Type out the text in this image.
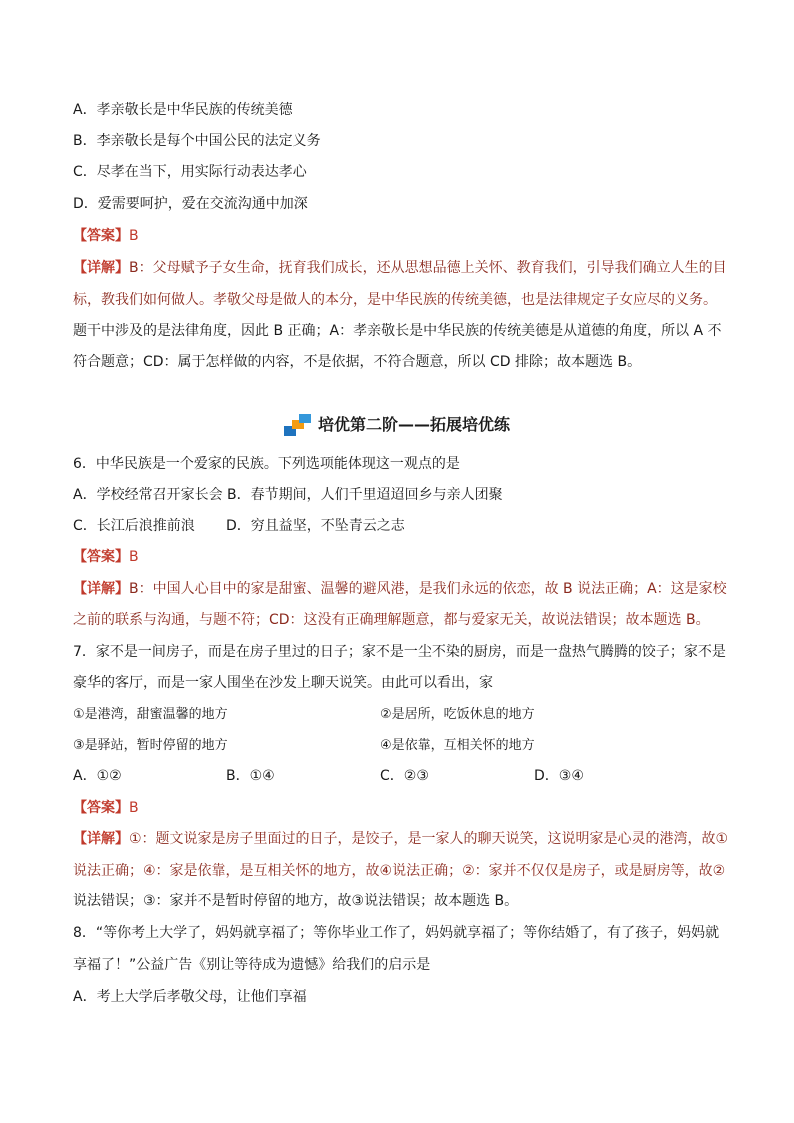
A．孝亲敬长是中华民族的传统美德
B．李亲敬长是每个中国公民的法定义务
C．尽孝在当下，用实际行动表达孝心
D．爱需要呵护，爱在交流沟通中加深
【答案】B
【详解】B：父母赋予子女生命，抚育我们成长，还从思想品德上关怀、教育我们，引导我们确立人生的目
标，教我们如何做人。孝敬父母是做人的本分，是中华民族的传统美德，也是法律规定子女应尽的义务。
题干中涉及的是法律角度，因此 B 正确；A：孝亲敬长是中华民族的传统美德是从道德的角度，所以 A 不
符合题意；CD：属于怎样做的内容，不是依据，不符合题意，所以 CD 排除；故本题选 B。
培优第二阶——拓展培优练
6．中华民族是一个爱家的民族。下列选项能体现这一观点的是
A．学校经常召开家长会 B．春节期间，人们千里迢迢回乡与亲人团聚
C．长江后浪推前浪 D．穷且益坚，不坠青云之志
【答案】B
【详解】B：中国人心目中的家是甜蜜、温馨的避风港，是我们永远的依恋，故 B 说法正确；A：这是家校
之前的联系与沟通，与题不符；CD：这没有正确理解题意，都与爱家无关，故说法错误；故本题选 B。
7．家不是一间房子，而是在房子里过的日子；家不是一尘不染的厨房，而是一盘热气腾腾的饺子；家不是
豪华的客厅，而是一家人围坐在沙发上聊天说笑。由此可以看出，家
①是港湾，甜蜜温馨的地方	②是居所，吃饭休息的地方
③是驿站，暂时停留的地方	④是依靠，互相关怀的地方
A．①②	B．①④	C．②③	D．③④
【答案】B
【详解】①：题文说家是房子里面过的日子，是饺子，是一家人的聊天说笑，这说明家是心灵的港湾，故①
说法正确；④：家是依靠，是互相关怀的地方，故④说法正确；②：家并不仅仅是房子，或是厨房等，故②
说法错误；③：家并不是暂时停留的地方，故③说法错误；故本题选 B。
8．“等你考上大学了，妈妈就享福了；等你毕业工作了，妈妈就享福了；等你结婚了，有了孩子，妈妈就
享福了！”公益广告《别让等待成为遗憾》给我们的启示是
A．考上大学后孝敬父母，让他们享福
